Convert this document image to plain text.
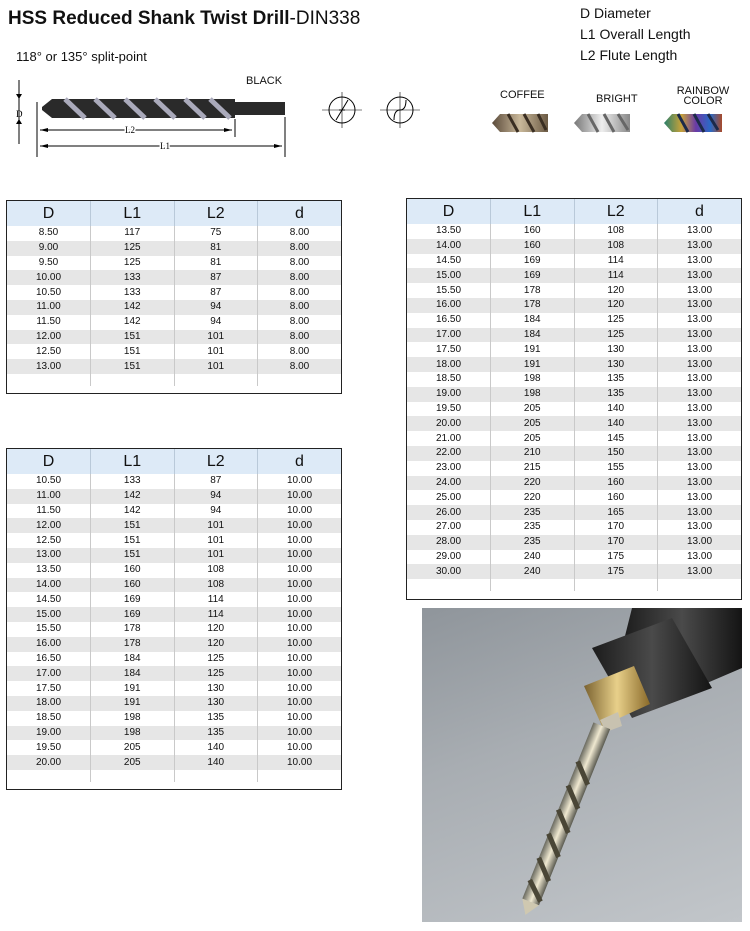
HSS Reduced Shank Twist Drill-DIN338	D Diameter
L1 Overall Length
L2 Flute Length
118° or 135° split-point
D
L2
L1
BLACK
COFFEE	BRIGHT
RAINBOW COLOR
D	L1	L2	d
8.50	117	75	8.00
9.00	125	81	8.00
9.50	125	81	8.00
10.00	133	87	8.00
10.50	133	87	8.00
11.00	142	94	8.00
11.50	142	94	8.00
12.00	151	101	8.00
12.50	151	101	8.00
13.00	151	101	8.00

D	L1	L2	d
10.50	133	87	10.00
11.00	142	94	10.00
11.50	142	94	10.00
12.00	151	101	10.00
12.50	151	101	10.00
13.00	151	101	10.00
13.50	160	108	10.00
14.00	160	108	10.00
14.50	169	114	10.00
15.00	169	114	10.00
15.50	178	120	10.00
16.00	178	120	10.00
16.50	184	125	10.00
17.00	184	125	10.00
17.50	191	130	10.00
18.00	191	130	10.00
18.50	198	135	10.00
19.00	198	135	10.00
19.50	205	140	10.00
20.00	205	140	10.00

D	L1	L2	d
13.50	160	108	13.00
14.00	160	108	13.00
14.50	169	114	13.00
15.00	169	114	13.00
15.50	178	120	13.00
16.00	178	120	13.00
16.50	184	125	13.00
17.00	184	125	13.00
17.50	191	130	13.00
18.00	191	130	13.00
18.50	198	135	13.00
19.00	198	135	13.00
19.50	205	140	13.00
20.00	205	140	13.00
21.00	205	145	13.00
22.00	210	150	13.00
23.00	215	155	13.00
24.00	220	160	13.00
25.00	220	160	13.00
26.00	235	165	13.00
27.00	235	170	13.00
28.00	235	170	13.00
29.00	240	175	13.00
30.00	240	175	13.00
